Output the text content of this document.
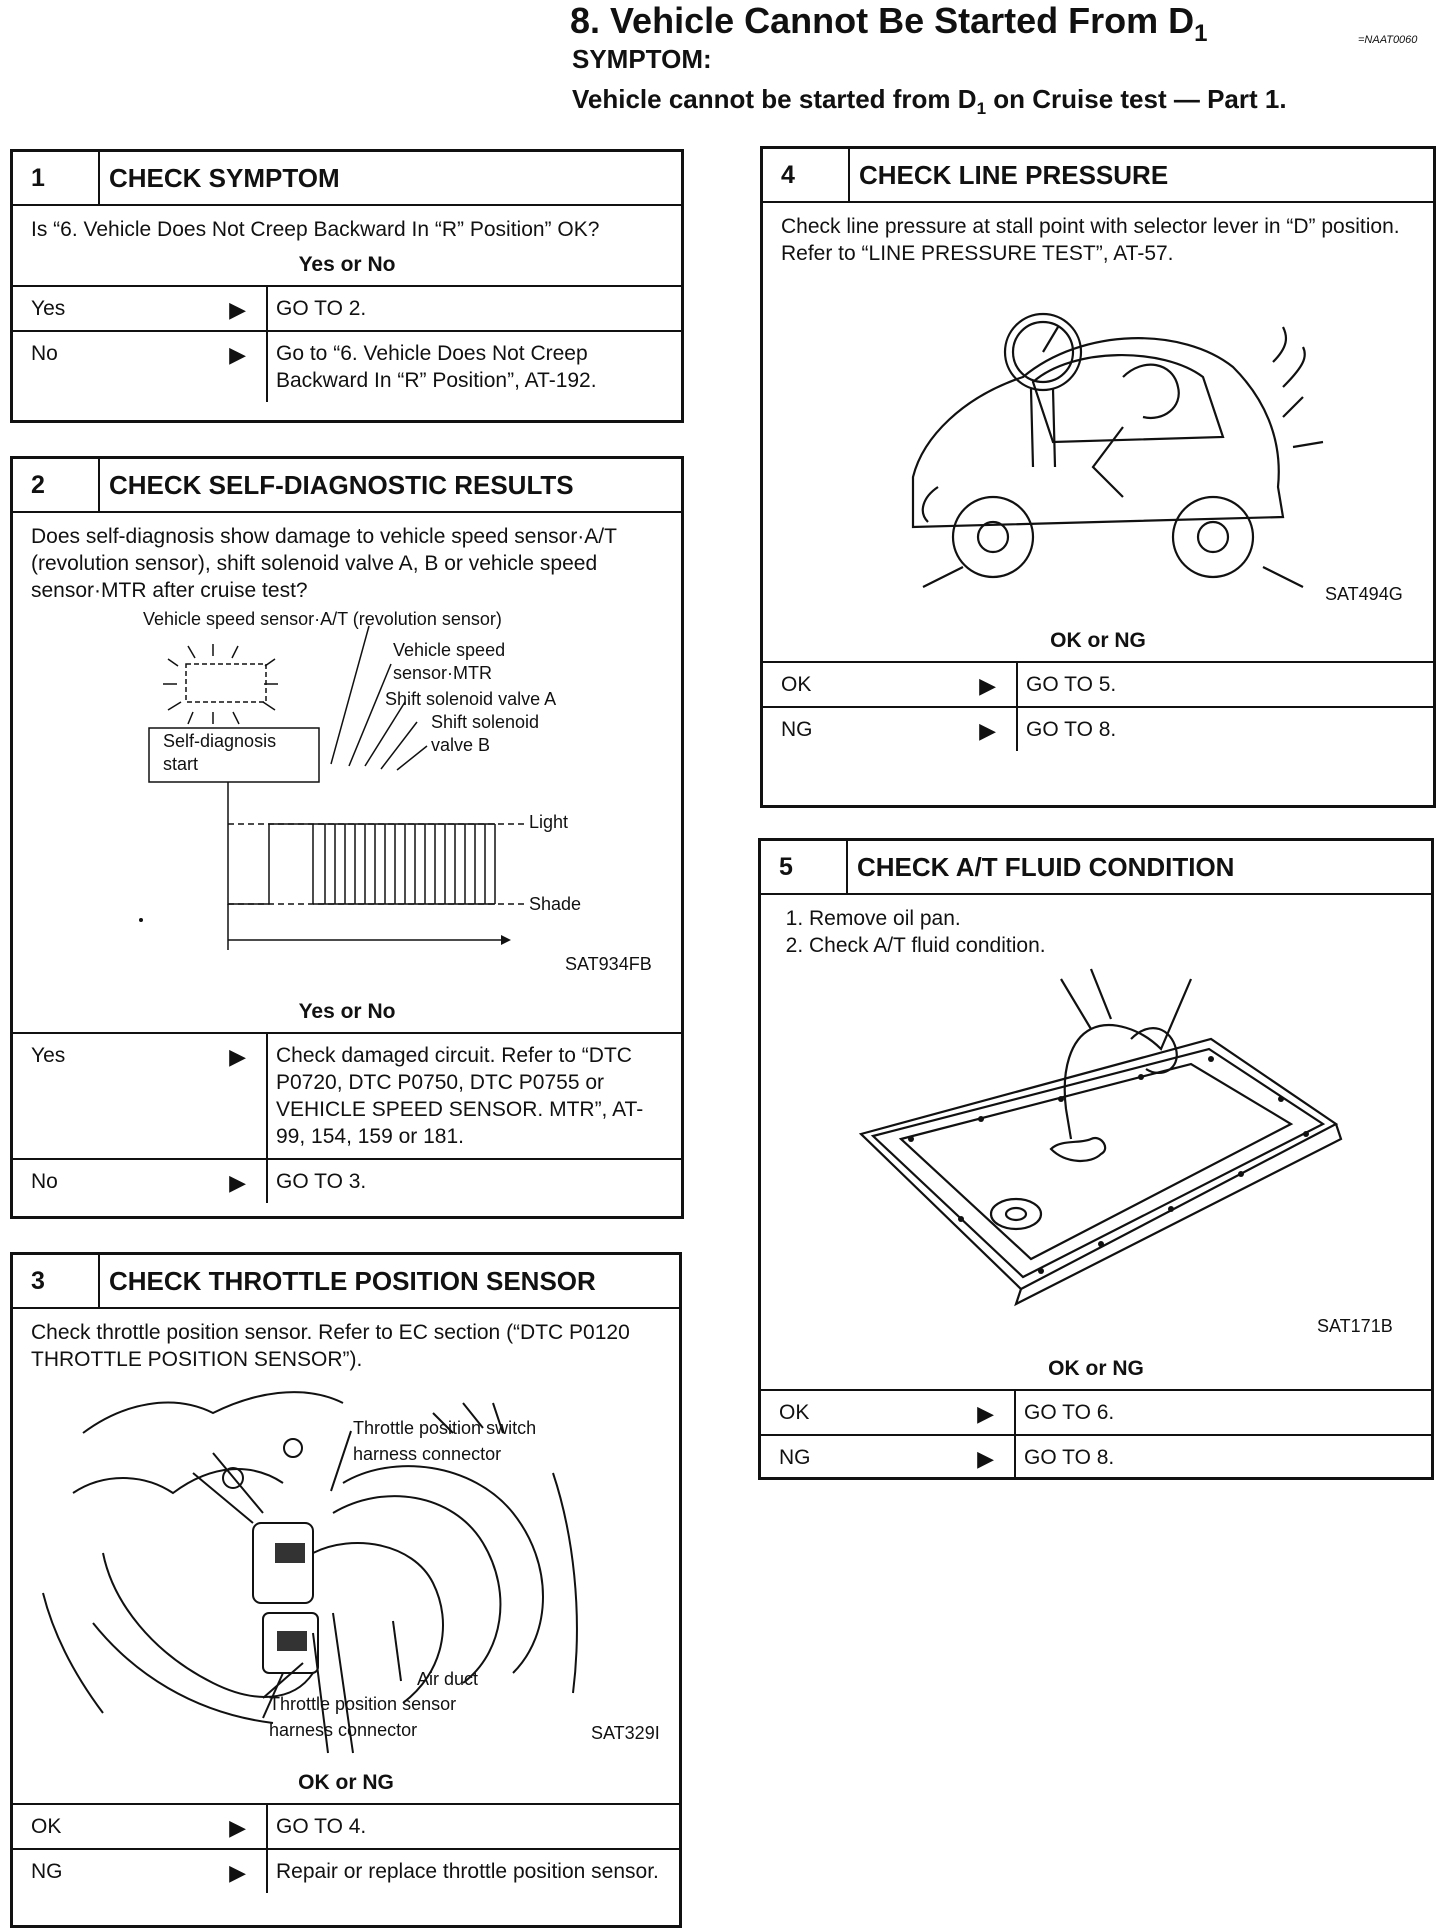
8. Vehicle Cannot Be Started From $D_1$	=NAAT0060
SYMPTOM:
Vehicle cannot be started from $D_1$ on Cruise test — Part 1.
1	CHECK SYMPTOM
Is “6. Vehicle Does Not Creep Backward In “R” Position” OK?
Yes or No
Yes	▶	GO TO 2.
No	▶	Go to “6. Vehicle Does Not Creep Backward In “R” Position”, AT-192.
2	CHECK SELF-DIAGNOSTIC RESULTS
Does self-diagnosis show damage to vehicle speed sensor·A/T (revolution sensor), shift solenoid valve A, B or vehicle speed sensor·MTR after cruise test?
Vehicle speed sensor·A/T (revolution sensor)
Vehicle speed
sensor·MTR
Shift solenoid valve A
Shift solenoid
valve B
Self-diagnosis
start
Light
Shade
SAT934FB
Yes or No
Yes	▶	Check damaged circuit. Refer to “DTC P0720, DTC P0750, DTC P0755 or VEHICLE SPEED SENSOR. MTR”, AT-99, 154, 159 or 181.
No	▶	GO TO 3.
3	CHECK THROTTLE POSITION SENSOR
Check throttle position sensor. Refer to EC section (“DTC P0120 THROTTLE POSITION SENSOR”).
Throttle position switch
harness connector
Air duct
Throttle position sensor
harness connector	SAT329I
OK or NG
OK	▶	GO TO 4.
NG	▶	Repair or replace throttle position sensor.
4	CHECK LINE PRESSURE
Check line pressure at stall point with selector lever in “D” position.
Refer to “LINE PRESSURE TEST”, AT-57.
SAT494G
OK or NG
OK	▶	GO TO 5.
NG	▶	GO TO 8.
5	CHECK A/T FLUID CONDITION
1. Remove oil pan.
2. Check A/T fluid condition.
SAT171B
OK or NG
OK	▶	GO TO 6.
NG	▶	GO TO 8.
